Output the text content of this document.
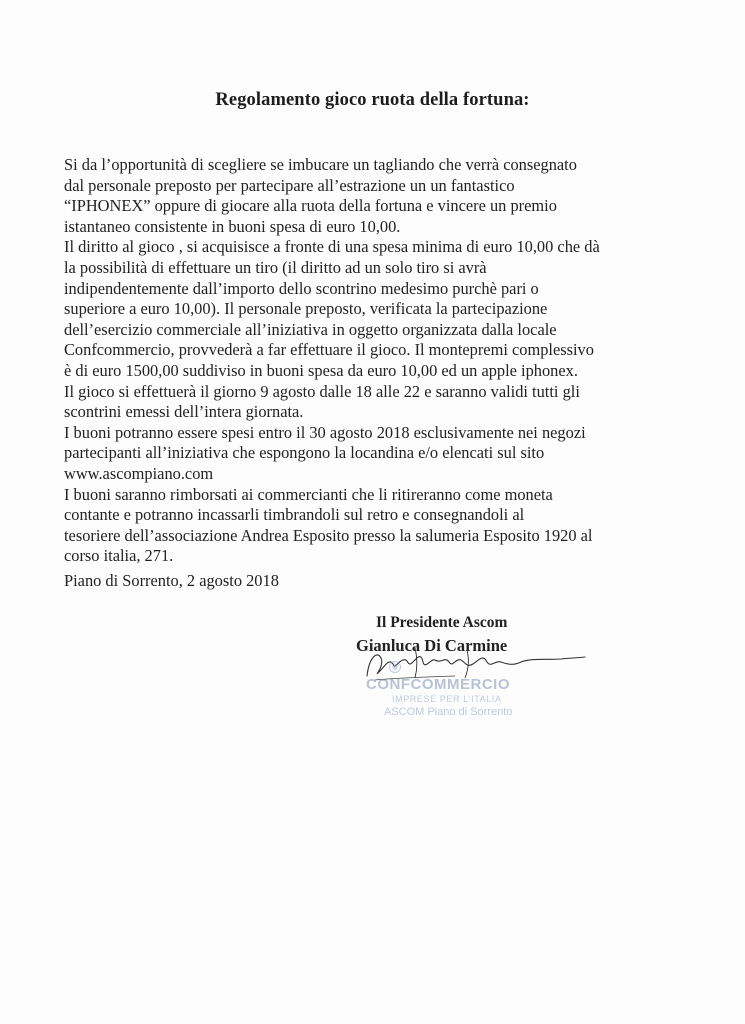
Regolamento gioco ruota della fortuna:
Si da l’opportunità di scegliere se imbucare un tagliando che verrà consegnato
dal personale preposto per partecipare all’estrazione un un fantastico
“IPHONEX” oppure di giocare alla ruota della fortuna e vincere un premio
istantaneo consistente in buoni spesa di euro 10,00.
Il diritto al gioco , si acquisisce a fronte di una spesa minima di euro 10,00 che dà
la possibilità di effettuare un tiro (il diritto ad un solo tiro si avrà
indipendentemente dall’importo dello scontrino medesimo purchè pari o
superiore a euro 10,00). Il personale preposto, verificata la partecipazione
dell’esercizio commerciale all’iniziativa in oggetto organizzata dalla locale
Confcommercio, provvederà a far effettuare il gioco. Il montepremi complessivo
è di euro 1500,00 suddiviso in buoni spesa da euro 10,00 ed un apple iphonex.
Il gioco si effettuerà il giorno 9 agosto dalle 18 alle 22 e saranno validi tutti gli
scontrini emessi dell’intera giornata.
I buoni potranno essere spesi entro il 30 agosto 2018 esclusivamente nei negozi
partecipanti all’iniziativa che espongono la locandina e/o elencati sul sito
www.ascompiano.com
I buoni saranno rimborsati ai commercianti che li ritireranno come moneta
contante e potranno incassarli timbrandoli sul retro e consegnandoli al
tesoriere dell’associazione Andrea Esposito presso la salumeria Esposito 1920 al
corso italia, 271.
Piano di Sorrento, 2 agosto 2018
Il Presidente Ascom
Gianluca Di Carmine
CONFCOMMERCIO
IMPRESE PER L'ITALIA
ASCOM Piano di Sorrento
